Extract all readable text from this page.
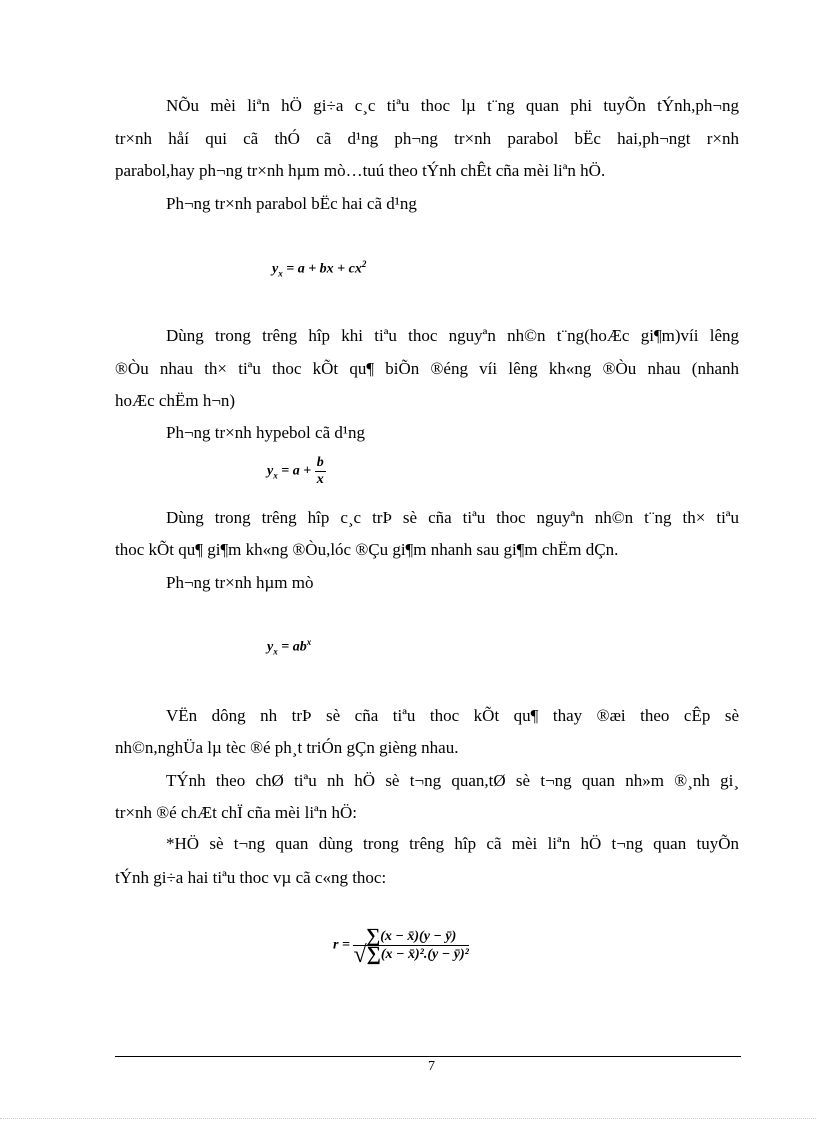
NÕu mèi liªn hÖ gi÷a c¸c tiªu thoc lµ t¨ng quan phi tuyÕn tÝnh,ph¬ng
tr×nh håí qui cã thÓ cã d¹ng ph¬ng tr×nh parabol bËc hai,ph¬ngt r×nh
parabol,hay ph¬ng tr×nh hµm mò…tuú theo tÝnh chÊt cña mèi liªn hÖ.
Ph¬ng tr×nh parabol bËc hai cã d¹ng
$y_x = a$ + bx + $cx^2$
Dùng trong trêng hîp khi tiªu thoc nguyªn nh©n t¨ng(hoÆc gi¶m)víi lêng
®Òu nhau th× tiªu thoc kÕt qu¶ biÕn ®éng víi lêng kh«ng ®Òu nhau (nhanh
hoÆc chËm h¬n)
Ph¬ng tr×nh hypebol cã d¹ng
$y_x = a + \frac{b}{x}$
Dùng trong trêng hîp c¸c trÞ sè cña tiªu thoc nguyªn nh©n t¨ng th× tiªu
thoc kÕt qu¶ gi¶m kh«ng ®Òu,lóc ®Çu gi¶m nhanh sau gi¶m chËm dÇn.
Ph¬ng tr×nh hµm mò
$y_x = ab^x$
VËn dông nh trÞ sè cña tiªu thoc kÕt qu¶ thay ®æi theo cÊp sè
nh©n,nghÜa lµ tèc ®é ph¸t triÓn gÇn gièng nhau.
TÝnh theo chØ tiªu nh hÖ sè t¬ng quan,tØ sè t¬ng quan nh»m ®¸nh gi¸
tr×nh ®é chÆt chÏ cña mèi liªn hÖ:
*HÖ sè t¬ng quan dùng trong trêng hîp cã mèi liªn hÖ t¬ng quan tuyÕn
tÝnh gi÷a hai tiªu thoc vµ cã c«ng thoc:
$r = \frac{\sum(x - x̄)(y - ȳ)}{\text{√∑(x − x̄)².(y − ȳ)²}}$
7
